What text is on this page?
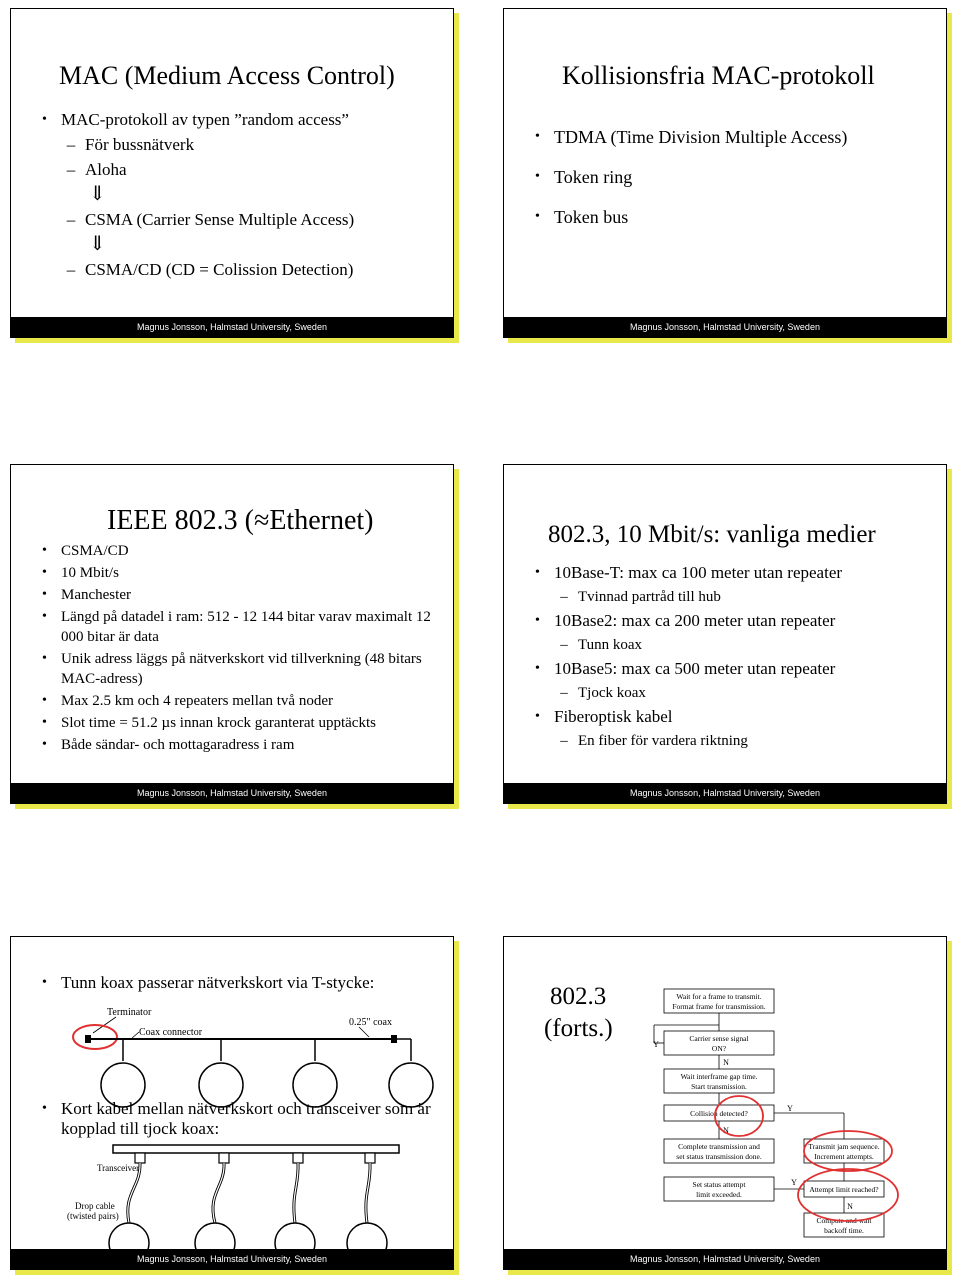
MAC (Medium Access Control)
• MAC-protokoll av typen ”random access”
– För bussnätverk
– Aloha
⇓
– CSMA (Carrier Sense Multiple Access)
⇓
– CSMA/CD (CD = Colission Detection)
Magnus Jonsson, Halmstad University, Sweden
Kollisionsfria MAC-protokoll
• TDMA (Time Division Multiple Access)
• Token ring
• Token bus
Magnus Jonsson, Halmstad University, Sweden
IEEE 802.3 (≈Ethernet)
• CSMA/CD
• 10 Mbit/s
• Manchester
• Längd på datadel i ram: 512 - 12 144 bitar varav maximalt 12 000 bitar är data
• Unik adress läggs på nätverkskort vid tillverkning (48 bitars MAC-adress)
• Max 2.5 km och 4 repeaters mellan två noder
• Slot time = 51.2 µs innan krock garanterat upptäckts
• Både sändar- och mottagaradress i ram
Magnus Jonsson, Halmstad University, Sweden
802.3, 10 Mbit/s: vanliga medier
• 10Base-T: max ca 100 meter utan repeater
– Tvinnad partråd till hub
• 10Base2: max ca 200 meter utan repeater
– Tunn koax
• 10Base5: max ca 500 meter utan repeater
– Tjock koax
• Fiberoptisk kabel
– En fiber för vardera riktning
Magnus Jonsson, Halmstad University, Sweden
• Tunn koax passerar nätverkskort via T-stycke:
Terminator
Coax connector
0.25" coax
• Kort kabel mellan nätverkskort och transceiver som är kopplad till tjock koax:
Transceiver
Drop cable
(twisted pairs)
Magnus Jonsson, Halmstad University, Sweden
802.3
(forts.)
Wait for a frame to transmit.
Format frame for transmission.
Carrier sense signal
ON?
Wait interframe gap time.
Start transmission.
Collision detected?
Complete transmission and
set status transmission done.
Transmit jam sequence.
Increment attempts.
Set status attempt
limit exceeded.
Attempt limit reached?
Compute and wait
backoff time.
Y
N
N
Y
Y
N
Magnus Jonsson, Halmstad University, Sweden
